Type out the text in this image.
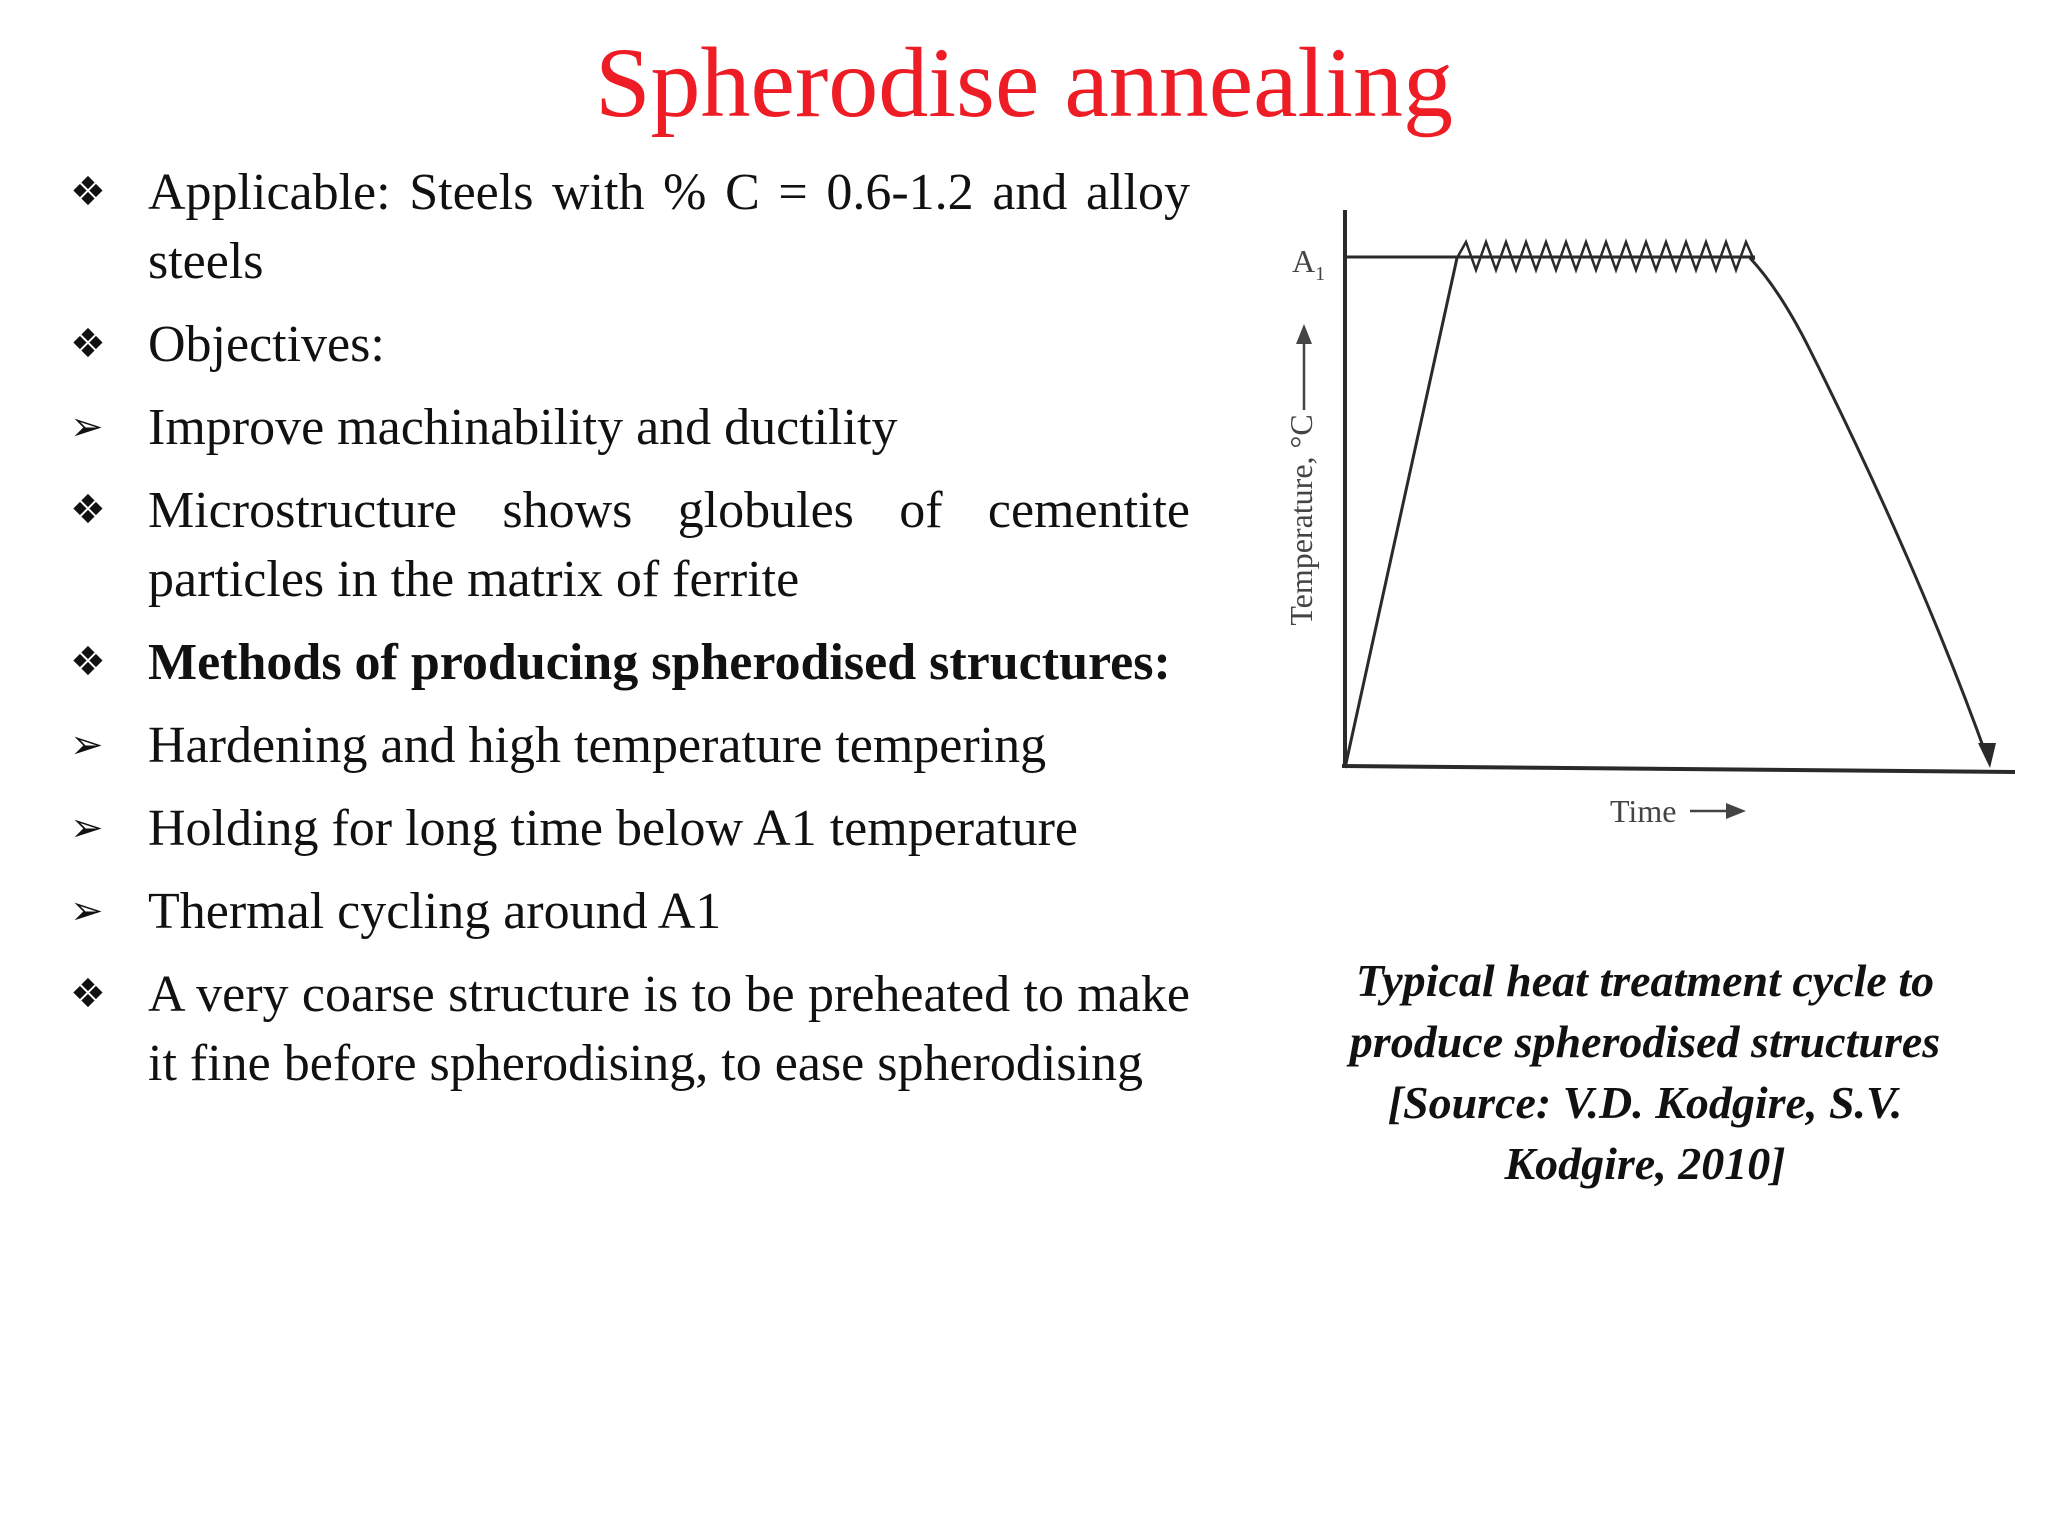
Spherodise annealing
❖ Applicable: Steels with % C = 0.6-1.2 and alloy steels
❖ Objectives:
➢ Improve machinability and ductility
❖ Microstructure shows globules of cementite particles in the matrix of ferrite
❖ Methods of producing spherodised structures:
➢ Hardening and high temperature tempering
➢ Holding for long time below A1 temperature
➢ Thermal cycling around A1
❖ A very coarse structure is to be preheated to make it fine before spherodising, to ease spherodising
$A_1$
Temperature, °C
Time

Typical heat treatment cycle to
produce spherodised structures
[Source: V.D. Kodgire, S.V.
Kodgire, 2010]
